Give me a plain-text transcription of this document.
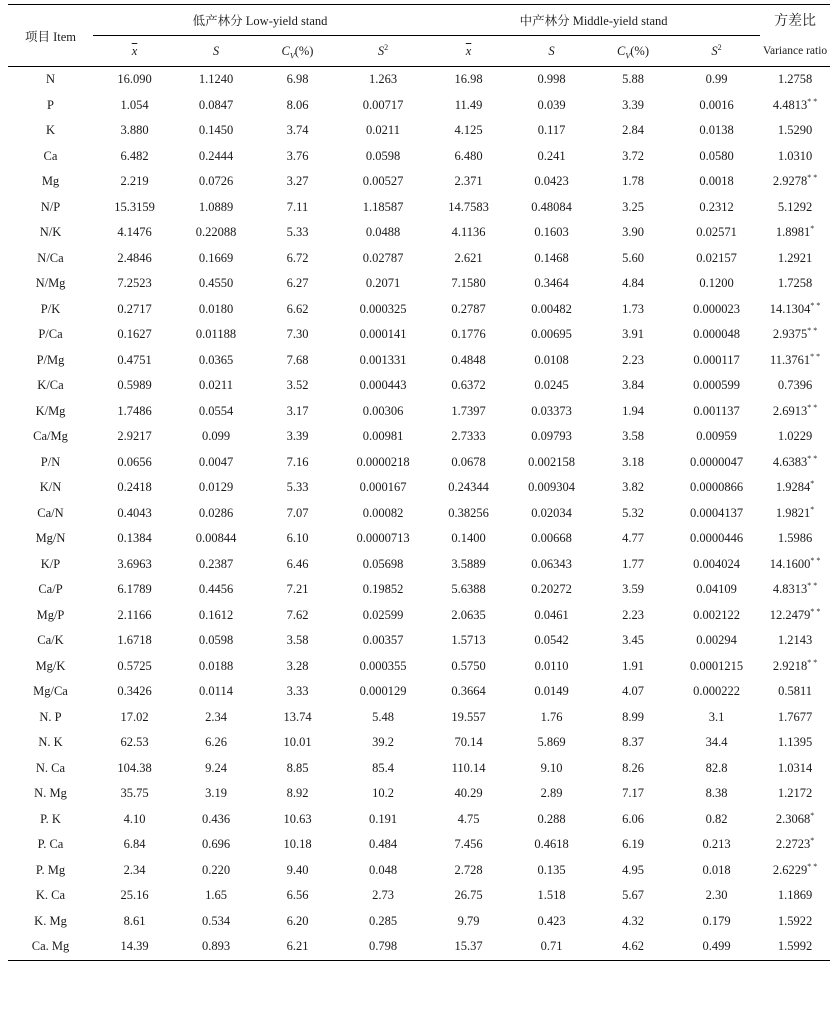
项目 Item	低产林分 Low-yield stand				中产林分 Middle-yield stand				方差比
	$\overline{x}$	S	$C_V(\%)$	$S^2$	$\overline{x}$	S	$C_V(\%)$	$S^2$	Variance ratio
N	16.090	1.1240	6.98	1.263	16.98	0.998	5.88	0.99	1.2758
P	1.054	0.0847	8.06	0.00717	11.49	0.039	3.39	0.0016	4.4813* *
K	3.880	0.1450	3.74	0.0211	4.125	0.117	2.84	0.0138	1.5290
Ca	6.482	0.2444	3.76	0.0598	6.480	0.241	3.72	0.0580	1.0310
Mg	2.219	0.0726	3.27	0.00527	2.371	0.0423	1.78	0.0018	2.9278* *
N/P	15.3159	1.0889	7.11	1.18587	14.7583	0.48084	3.25	0.2312	5.1292
N/K	4.1476	0.22088	5.33	0.0488	4.1136	0.1603	3.90	0.02571	1.8981*
N/Ca	2.4846	0.1669	6.72	0.02787	2.621	0.1468	5.60	0.02157	1.2921
N/Mg	7.2523	0.4550	6.27	0.2071	7.1580	0.3464	4.84	0.1200	1.7258
P/K	0.2717	0.0180	6.62	0.000325	0.2787	0.00482	1.73	0.000023	14.1304* *
P/Ca	0.1627	0.01188	7.30	0.000141	0.1776	0.00695	3.91	0.000048	2.9375* *
P/Mg	0.4751	0.0365	7.68	0.001331	0.4848	0.0108	2.23	0.000117	11.3761* *
K/Ca	0.5989	0.0211	3.52	0.000443	0.6372	0.0245	3.84	0.000599	0.7396
K/Mg	1.7486	0.0554	3.17	0.00306	1.7397	0.03373	1.94	0.001137	2.6913* *
Ca/Mg	2.9217	0.099	3.39	0.00981	2.7333	0.09793	3.58	0.00959	1.0229
P/N	0.0656	0.0047	7.16	0.0000218	0.0678	0.002158	3.18	0.0000047	4.6383* *
K/N	0.2418	0.0129	5.33	0.000167	0.24344	0.009304	3.82	0.0000866	1.9284*
Ca/N	0.4043	0.0286	7.07	0.00082	0.38256	0.02034	5.32	0.0004137	1.9821*
Mg/N	0.1384	0.00844	6.10	0.0000713	0.1400	0.00668	4.77	0.0000446	1.5986
K/P	3.6963	0.2387	6.46	0.05698	3.5889	0.06343	1.77	0.004024	14.1600* *
Ca/P	6.1789	0.4456	7.21	0.19852	5.6388	0.20272	3.59	0.04109	4.8313* *
Mg/P	2.1166	0.1612	7.62	0.02599	2.0635	0.0461	2.23	0.002122	12.2479* *
Ca/K	1.6718	0.0598	3.58	0.00357	1.5713	0.0542	3.45	0.00294	1.2143
Mg/K	0.5725	0.0188	3.28	0.000355	0.5750	0.0110	1.91	0.0001215	2.9218* *
Mg/Ca	0.3426	0.0114	3.33	0.000129	0.3664	0.0149	4.07	0.000222	0.5811
N. P	17.02	2.34	13.74	5.48	19.557	1.76	8.99	3.1	1.7677
N. K	62.53	6.26	10.01	39.2	70.14	5.869	8.37	34.4	1.1395
N. Ca	104.38	9.24	8.85	85.4	110.14	9.10	8.26	82.8	1.0314
N. Mg	35.75	3.19	8.92	10.2	40.29	2.89	7.17	8.38	1.2172
P. K	4.10	0.436	10.63	0.191	4.75	0.288	6.06	0.82	2.3068*
P. Ca	6.84	0.696	10.18	0.484	7.456	0.4618	6.19	0.213	2.2723*
P. Mg	2.34	0.220	9.40	0.048	2.728	0.135	4.95	0.018	2.6229* *
K. Ca	25.16	1.65	6.56	2.73	26.75	1.518	5.67	2.30	1.1869
K. Mg	8.61	0.534	6.20	0.285	9.79	0.423	4.32	0.179	1.5922
Ca. Mg	14.39	0.893	6.21	0.798	15.37	0.71	4.62	0.499	1.5992
